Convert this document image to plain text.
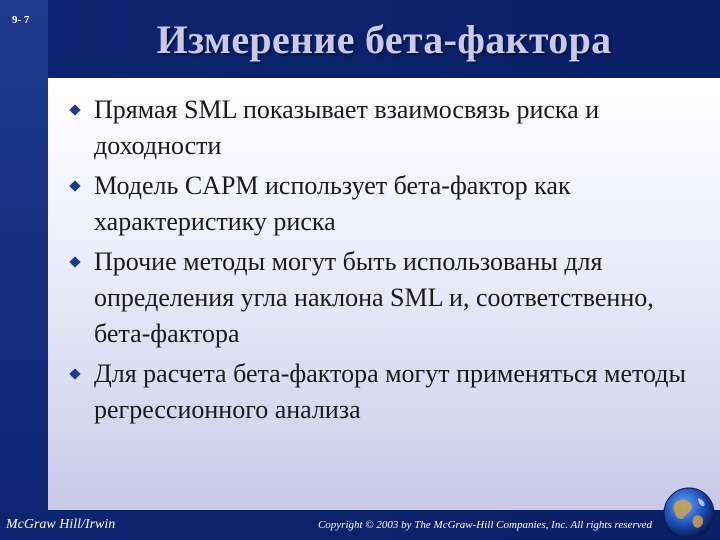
9- 7	Измерение бета-фактора
Прямая SML показывает взаимосвязь риска и доходности
Модель CAPM использует бета-фактор как характеристику риска
Прочие методы могут быть использованы для определения угла наклона SML и, соответственно, бета-фактора
Для расчета бета-фактора могут применяться методы регрессионного анализа
McGraw Hill/Irwin	Copyright © 2003 by The McGraw-Hill Companies, Inc. All rights reserved
